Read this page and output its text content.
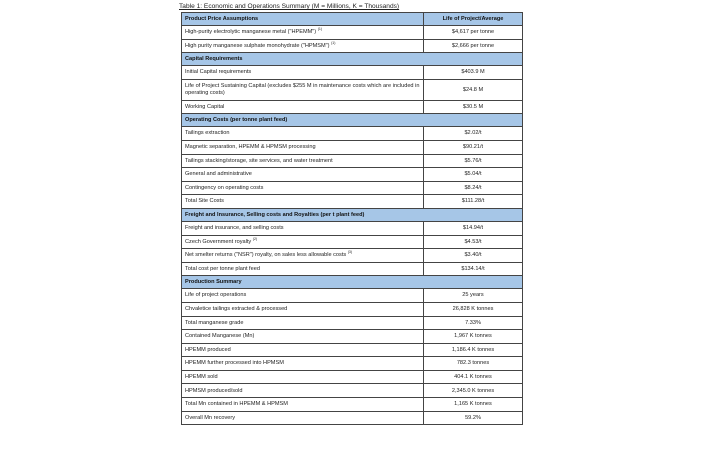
Table 1: Economic and Operations Summary (M = Millions, K = Thousands)
Product Price Assumptions	Life of Project/Average
High-purity electrolytic manganese metal ("HPEMM") $^{(1)}$	$4,617 per tonne
High purity manganese sulphate monohydrate ("HPMSM") $^{(1)}$	$2,666 per tonne
Capital Requirements	
Initial Capital requirements	$403.9 M
Life of Project Sustaining Capital (excludes $255 M in maintenance costs which are included in operating costs)	$24.8 M
Working Capital	$30.5 M
Operating Costs (per tonne plant feed)	
Tailings extraction	$2.02/t
Magnetic separation, HPEMM & HPMSM processing	$90.21/t
Tailings stacking/storage, site services, and water treatment	$5.76/t
General and administrative	$5.04/t
Contingency on operating costs	$8.24/t
Total Site Costs	$111.28/t
Freight and Insurance, Selling costs and Royalties (per t plant feed)	
Freight and insurance, and selling costs	$14.94/t
Czech Government royalty $^{(2)}$	$4.53/t
Net smelter returns ("NSR") royalty, on sales less allowable costs $^{(3)}$	$3.40/t
Total cost per tonne plant feed	$134.14/t
Production Summary	
Life of project operations	25 years
Chvaletice tailings extracted & processed	26,828 K tonnes
Total manganese grade	7.33%
Contained Manganese (Mn)	1,967 K tonnes
HPEMM produced	1,186.4 K tonnes
HPEMM further processed into HPMSM	782.3 tonnes
HPEMM sold	404.1 K tonnes
HPMSM produced/sold	2,345.0 K tonnes
Total Mn contained in HPEMM & HPMSM	1,165 K tonnes
Overall Mn recovery	59.2%
